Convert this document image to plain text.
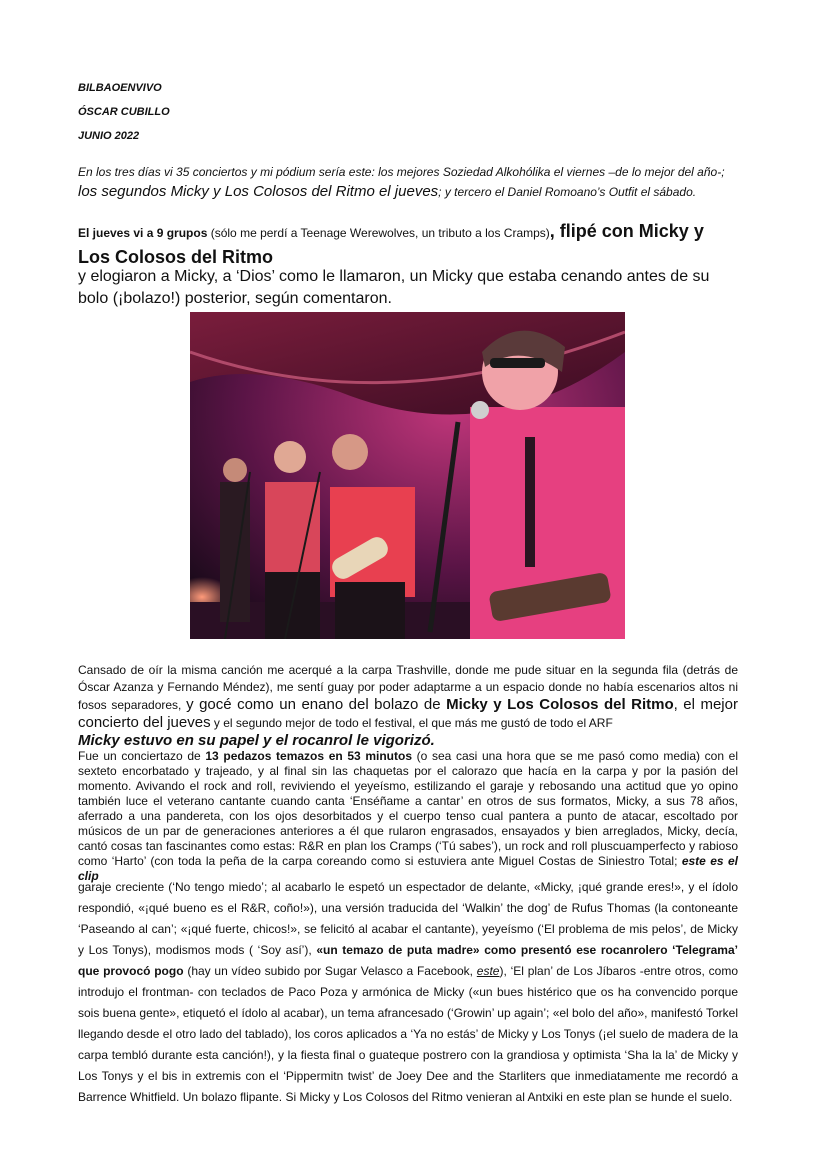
BILBAOENVIVO
ÓSCAR CUBILLO
JUNIO 2022
En los tres días vi 35 conciertos y mi pódium sería este: los mejores Soziedad Alkohólika el viernes –de lo mejor del año-; los segundos Micky y Los Colosos del Ritmo el jueves; y tercero el Daniel Romoano’s Outfit el sábado.
El jueves vi a 9 grupos (sólo me perdí a Teenage Werewolves, un tributo a los Cramps), flipé con Micky y Los Colosos del Ritmo
y elogiaron a Micky, a ‘Dios’ como le llamaron, un Micky que estaba cenando antes de su bolo (¡bolazo!) posterior, según comentaron.
Cansado de oír la misma canción me acerqué a la carpa Trashville, donde me pude situar en la segunda fila (detrás de Óscar Azanza y Fernando Méndez), me sentí guay por poder adaptarme a un espacio donde no había escenarios altos ni fosos separadores, y gocé como un enano del bolazo de Micky y Los Colosos del Ritmo, el mejor concierto del jueves y el segundo mejor de todo el festival, el que más me gustó de todo el ARF
Micky estuvo en su papel y el rocanrol le vigorizó.
Fue un conciertazo de 13 pedazos temazos en 53 minutos (o sea casi una hora que se me pasó como media) con el sexteto encorbatado y trajeado, y al final sin las chaquetas por el calorazo que hacía en la carpa y por la pasión del momento. Avivando el rock and roll, reviviendo el yeyeísmo, estilizando el garaje y rebosando una actitud que yo opino también luce el veterano cantante cuando canta ‘Enséñame a cantar’ en otros de sus formatos, Micky, a sus 78 años, aferrado a una pandereta, con los ojos desorbitados y el cuerpo tenso cual pantera a punto de atacar, escoltado por músicos de un par de generaciones anteriores a él que rularon engrasados, ensayados y bien arreglados, Micky, decía, cantó cosas tan fascinantes como estas: R&R en plan los Cramps (‘Tú sabes’), un rock and roll pluscuamperfecto y rabioso como ‘Harto’ (con toda la peña de la carpa coreando como si estuviera ante Miguel Costas de Siniestro Total; este es el clip
garaje creciente (‘No tengo miedo’; al acabarlo le espetó un espectador de delante, «Micky, ¡qué grande eres!», y el ídolo respondió, «¡qué bueno es el R&R, coño!»), una versión traducida del ‘Walkin’ the dog’ de Rufus Thomas (la contoneante ‘Paseando al can’; «¡qué fuerte, chicos!», se felicitó al acabar el cantante), yeyeísmo (‘El problema de mis pelos’, de Micky y Los Tonys), modismos mods ( ‘Soy así’), «un temazo de puta madre» como presentó ese rocanrolero ‘Telegrama’ que provocó pogo (hay un vídeo subido por Sugar Velasco a Facebook, este), ‘El plan’ de Los Jíbaros -entre otros, como introdujo el frontman- con teclados de Paco Poza y armónica de Micky («un bues histérico que os ha convencido porque sois buena gente», etiquetó el ídolo al acabar), un tema afrancesado (‘Growin’ up again’; «el bolo del año», manifestó Torkel llegando desde el otro lado del tablado), los coros aplicados a ‘Ya no estás’ de Micky y Los Tonys (¡el suelo de madera de la carpa tembló durante esta canción!), y la fiesta final o guateque postrero con la grandiosa y optimista ‘Sha la la’ de Micky y Los Tonys y el bis in extremis con el ‘Pippermitn twist’ de Joey Dee and the Starliters que inmediatamente me recordó a Barrence Whitfield. Un bolazo flipante. Si Micky y Los Colosos del Ritmo venieran al Antxiki en este plan se hunde el suelo.
